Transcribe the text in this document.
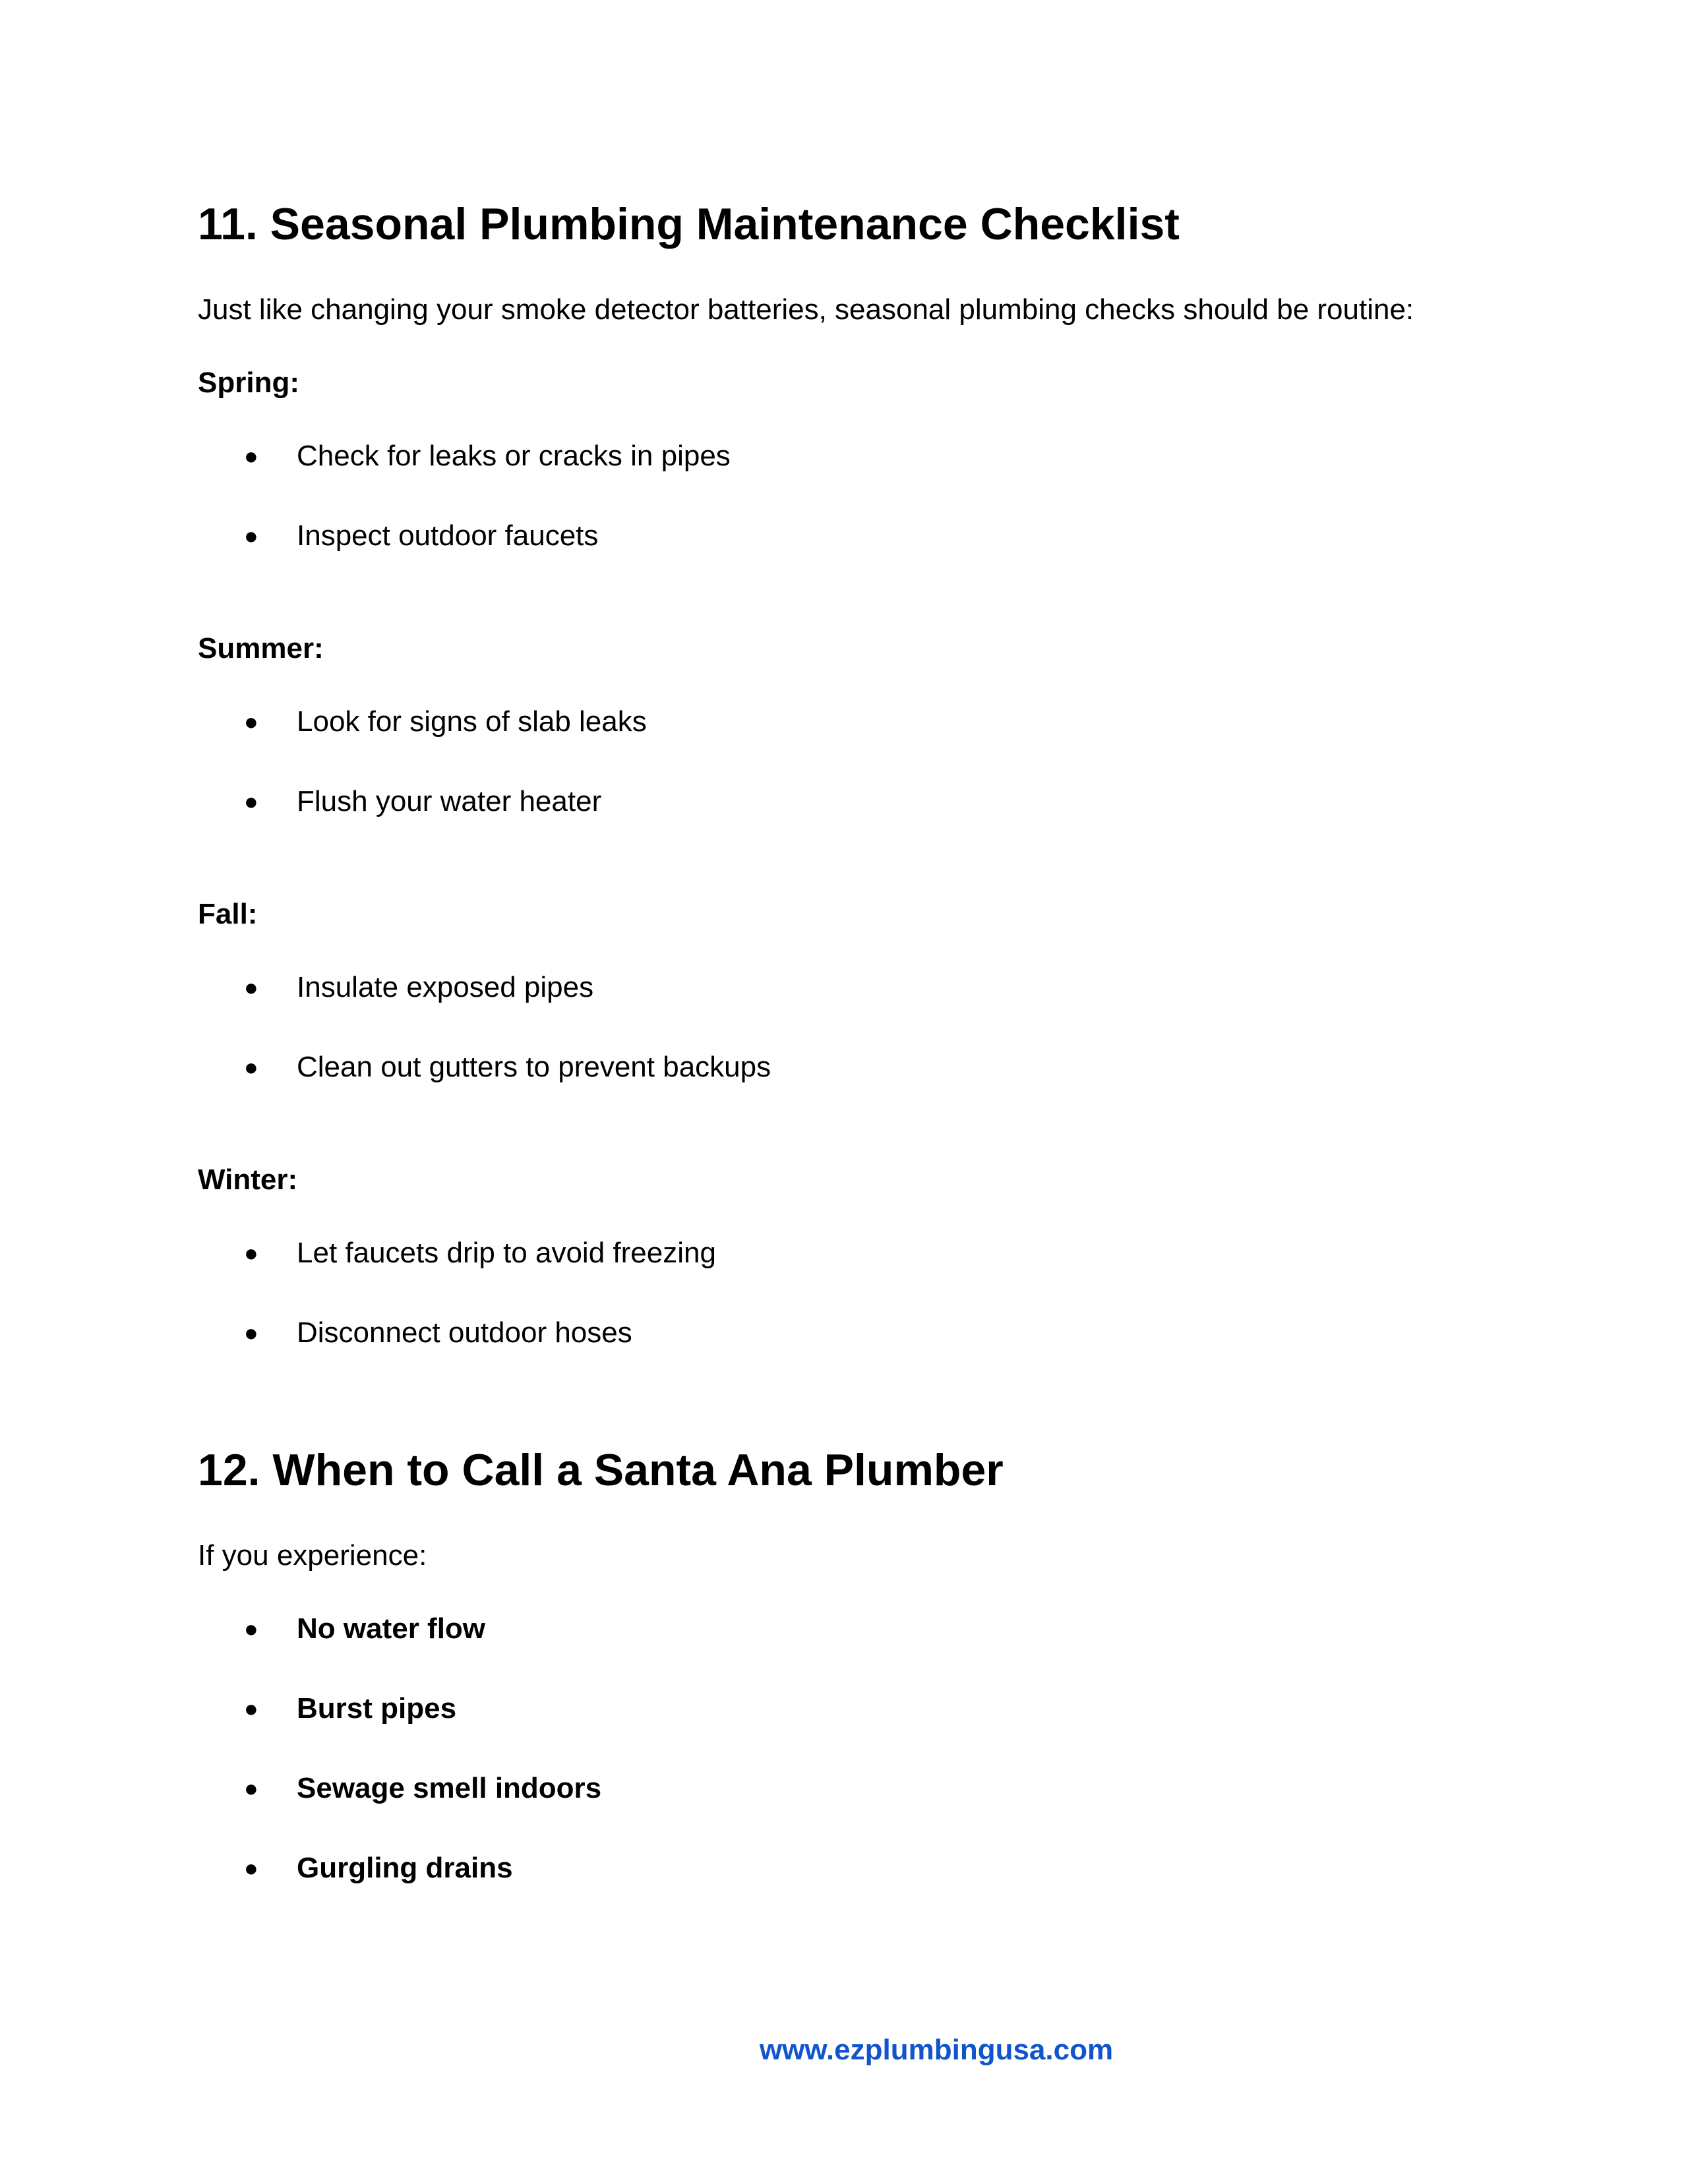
11. Seasonal Plumbing Maintenance Checklist

Just like changing your smoke detector batteries, seasonal plumbing checks should be routine:

Spring:

●	Check for leaks or cracks in pipes
●	Inspect outdoor faucets

Summer:

●	Look for signs of slab leaks
●	Flush your water heater

Fall:

●	Insulate exposed pipes
●	Clean out gutters to prevent backups

Winter:

●	Let faucets drip to avoid freezing
●	Disconnect outdoor hoses
12. When to Call a Santa Ana Plumber

If you experience:

●	No water flow
●	Burst pipes
●	Sewage smell indoors
●	Gurgling drains
www.ezplumbingusa.com
